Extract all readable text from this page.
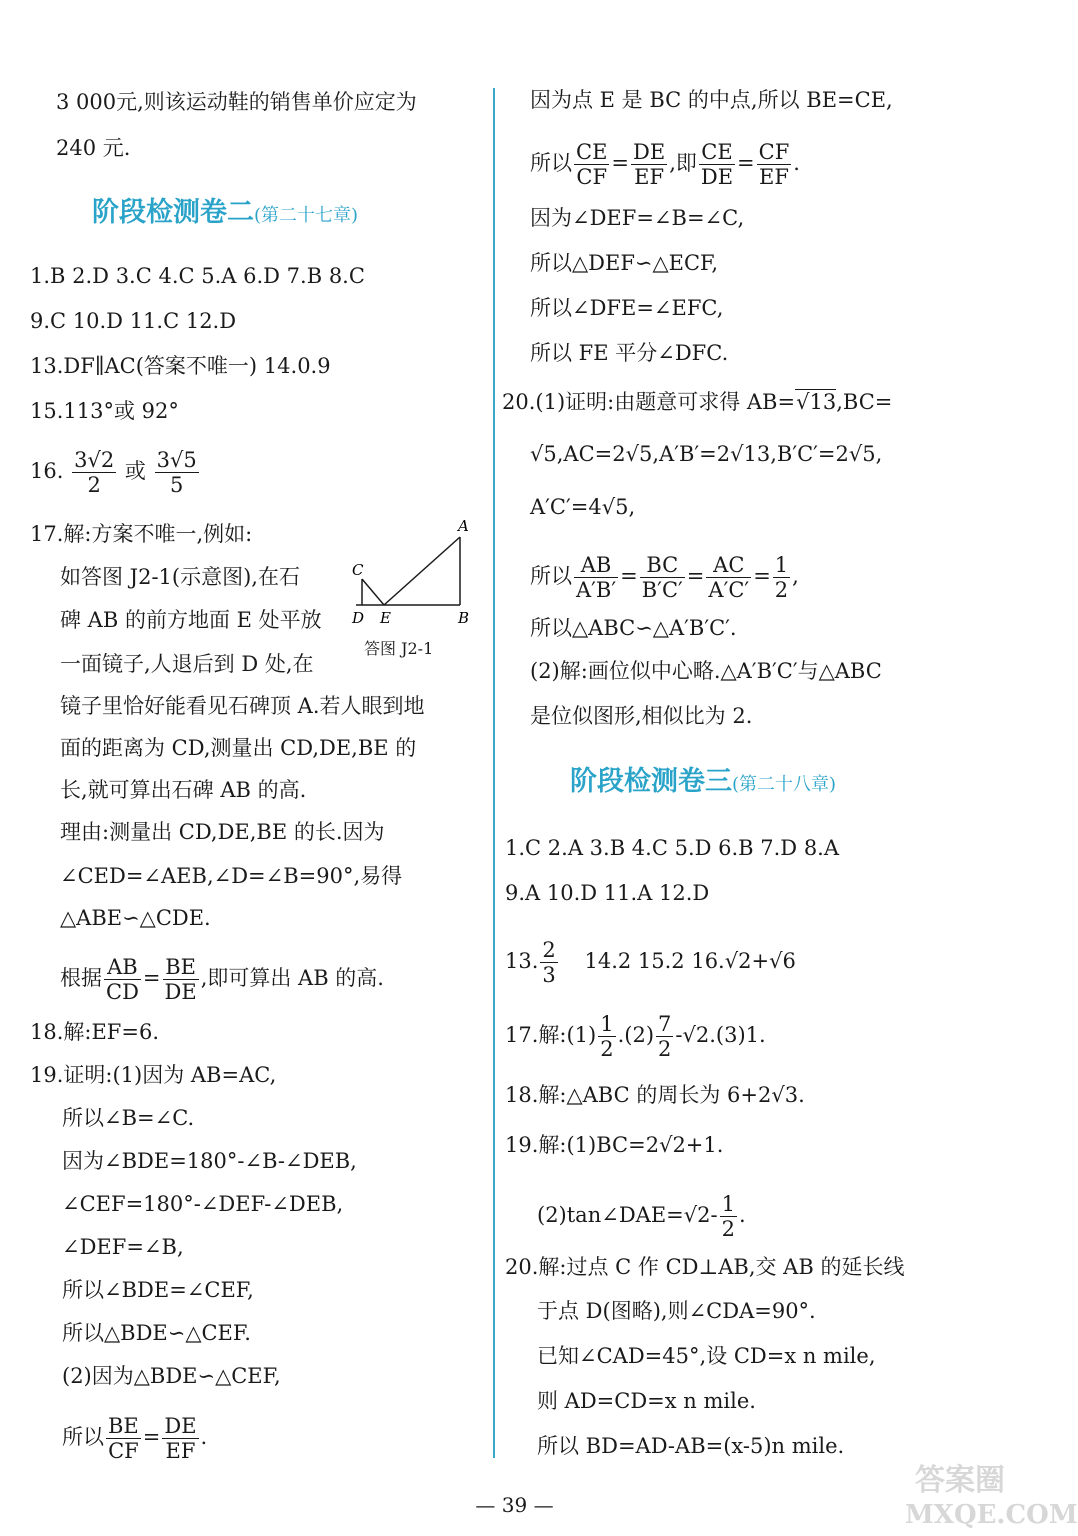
3 000元,则该运动鞋的销售单价应定为
240 元.
阶段检测卷二(第二十七章)
1.B 2.D 3.C 4.C 5.A 6.D 7.B 8.C
9.C 10.D 11.C 12.D
13.DF∥AC(答案不唯一) 14.0.9
15.113°或 92°
16. $\frac{3√2}{2}$ 或 $\frac{3√5}{5}$
17.解:方案不唯一,例如:
如答图 J2-1(示意图),在石
碑 AB 的前方地面 E 处平放
一面镜子,人退后到 D 处,在
镜子里恰好能看见石碑顶 A.若人眼到地
面的距离为 CD,测量出 CD,DE,BE 的
长,就可算出石碑 AB 的高.
理由:测量出 CD,DE,BE 的长.因为
∠CED=∠AEB,∠D=∠B=90°,易得
△ABE∽△CDE.
根据 $\frac{AB}{CD} = \frac{BE}{DE}$ ,即可算出 AB 的高.
A
B
C
D E
答图 J2-1
18.解:EF=6.
19.证明:(1)因为 AB=AC,
所以∠B=∠C.
因为∠BDE=180°-∠B-∠DEB,
∠CEF=180°-∠DEF-∠DEB,
∠DEF=∠B,
所以∠BDE=∠CEF,
所以△BDE∽△CEF.
(2)因为△BDE∽△CEF,
所以 $\frac{BE}{CF} = \frac{DE}{EF}$ .
因为点 E 是 BC 的中点,所以 BE=CE,
所以 $\frac{CE}{CF} = \frac{DE}{EF}$ ,即 $\frac{CE}{DE} = \frac{CF}{EF}$ .
因为∠DEF=∠B=∠C,
所以△DEF∽△ECF,
所以∠DFE=∠EFC,
所以 FE 平分∠DFC.
20.(1)证明:由题意可求得 AB=√13,BC=
√5,AC=2√5,A′B′=2√13,B′C′=2√5,
A′C′=4√5,
所以 $\frac{AB}{A'B'} = \frac{BC}{B'C'} = \frac{AC}{A'C'} = \frac{1}{2}$ ,
所以△ABC∽△A′B′C′.
(2)解:画位似中心略.△A′B′C′与△ABC
是位似图形,相似比为 2.
阶段检测卷三(第二十八章)
1.C 2.A 3.B 4.C 5.D 6.B 7.D 8.A
9.A 10.D 11.A 12.D
13. $\frac{2}{3} 14.2$ 15.2 16.√2+√6
17.解:(1) $\frac{1}{2} .(2) \frac{7}{2} -√2.(3)1$.
18.解:△ABC 的周长为 6+2√3.
19.解:(1)BC=2√2+1.
(2)tan∠DAE=√2- $\frac{1}{2}$ .
20.解:过点 C 作 CD⊥AB,交 AB 的延长线
于点 D(图略),则∠CDA=90°.
已知∠CAD=45°,设 CD=x n mile,
则 AD=CD=x n mile.
所以 BD=AD-AB=(x-5)n mile.
— 39 —
答案圈
MXQE.COM
